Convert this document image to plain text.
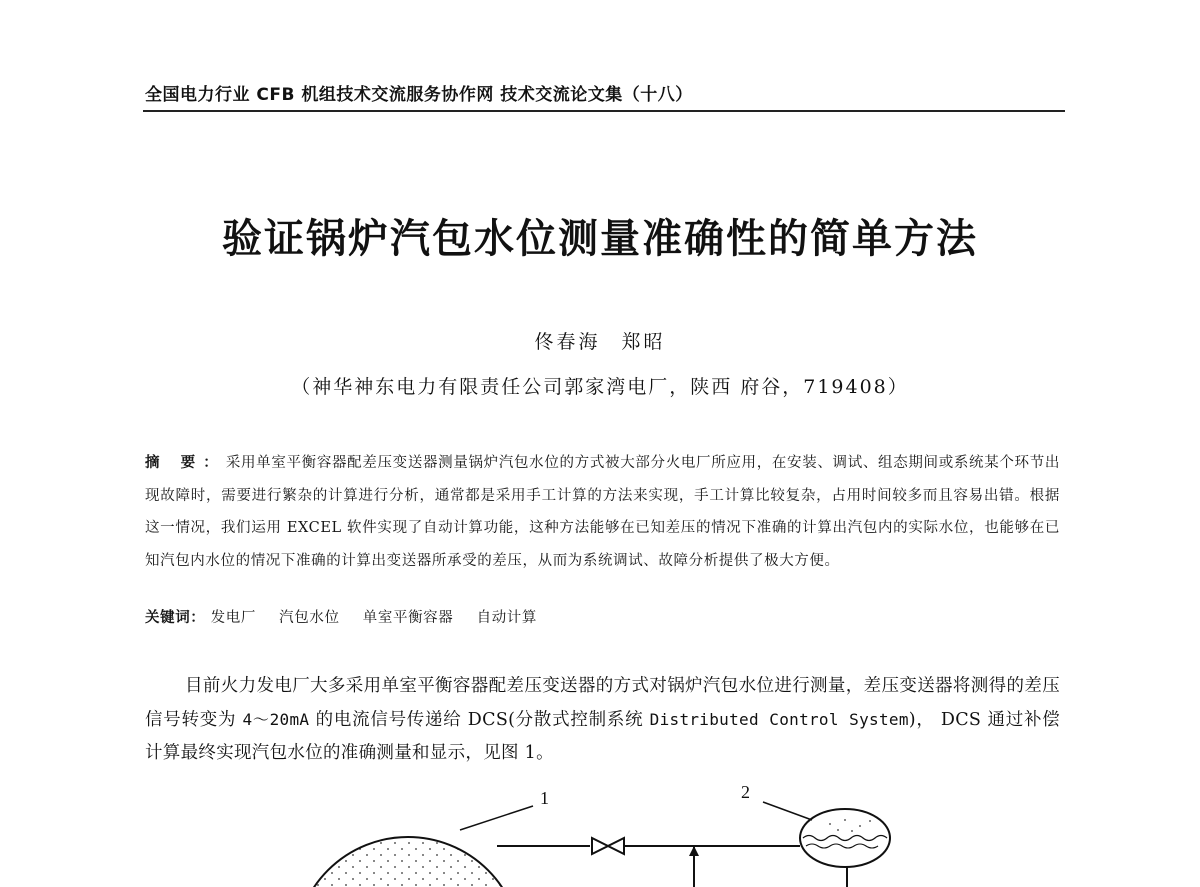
全国电力行业 CFB 机组技术交流服务协作网 技术交流论文集（十八）
验证锅炉汽包水位测量准确性的简单方法
佟春海 郑昭
（神华神东电力有限责任公司郭家湾电厂，陕西 府谷，719408）
摘 要：采用单室平衡容器配差压变送器测量锅炉汽包水位的方式被大部分火电厂所应用，在安装、调试、组态期间或系统某个环节出现故障时，需要进行繁杂的计算进行分析，通常都是采用手工计算的方法来实现，手工计算比较复杂，占用时间较多而且容易出错。根据这一情况，我们运用 EXCEL 软件实现了自动计算功能，这种方法能够在已知差压的情况下准确的计算出汽包内的实际水位，也能够在已知汽包内水位的情况下准确的计算出变送器所承受的差压，从而为系统调试、故障分析提供了极大方便。
关键词： 发电厂 汽包水位 单室平衡容器 自动计算
目前火力发电厂大多采用单室平衡容器配差压变送器的方式对锅炉汽包水位进行测量，差压变送器将测得的差压信号转变为 4～20mA 的电流信号传递给 DCS(分散式控制系统 Distributed Control System)， DCS 通过补偿计算最终实现汽包水位的准确测量和显示，见图 1。
1	2
